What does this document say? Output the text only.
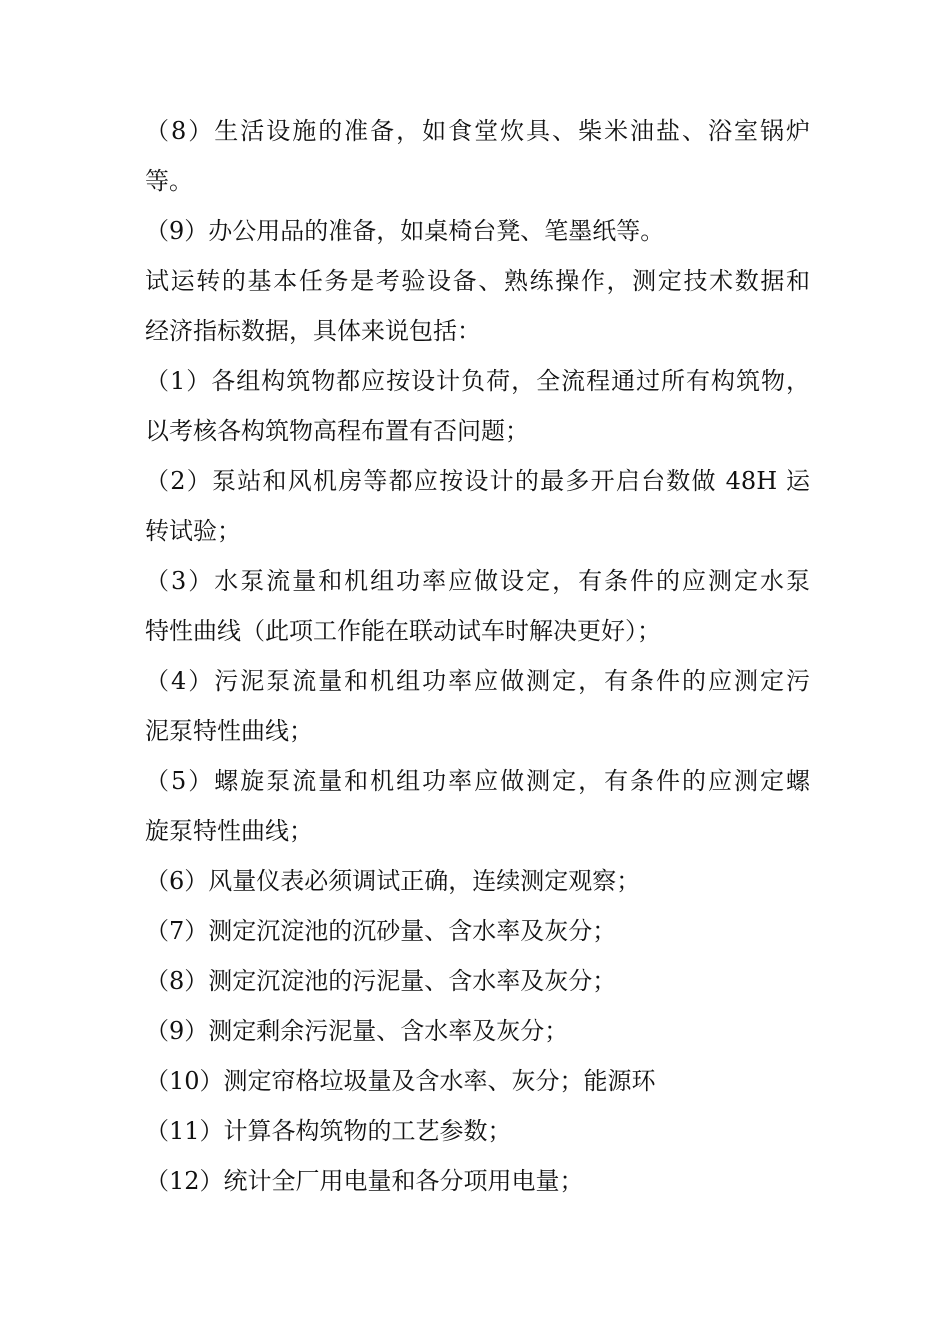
（8）生活设施的准备，如食堂炊具、柴米油盐、浴室锅炉
等。
（9）办公用品的准备，如桌椅台凳、笔墨纸等。
试运转的基本任务是考验设备、熟练操作，测定技术数据和
经济指标数据，具体来说包括：
（1）各组构筑物都应按设计负荷，全流程通过所有构筑物，
以考核各构筑物高程布置有否问题；
（2）泵站和风机房等都应按设计的最多开启台数做 48H 运
转试验；
（3）水泵流量和机组功率应做设定，有条件的应测定水泵
特性曲线（此项工作能在联动试车时解决更好）；
（4）污泥泵流量和机组功率应做测定，有条件的应测定污
泥泵特性曲线；
（5）螺旋泵流量和机组功率应做测定，有条件的应测定螺
旋泵特性曲线；
（6）风量仪表必须调试正确，连续测定观察；
（7）测定沉淀池的沉砂量、含水率及灰分；
（8）测定沉淀池的污泥量、含水率及灰分；
（9）测定剩余污泥量、含水率及灰分；
（10）测定帘格垃圾量及含水率、灰分；能源环
（11）计算各构筑物的工艺参数；
（12）统计全厂用电量和各分项用电量；
